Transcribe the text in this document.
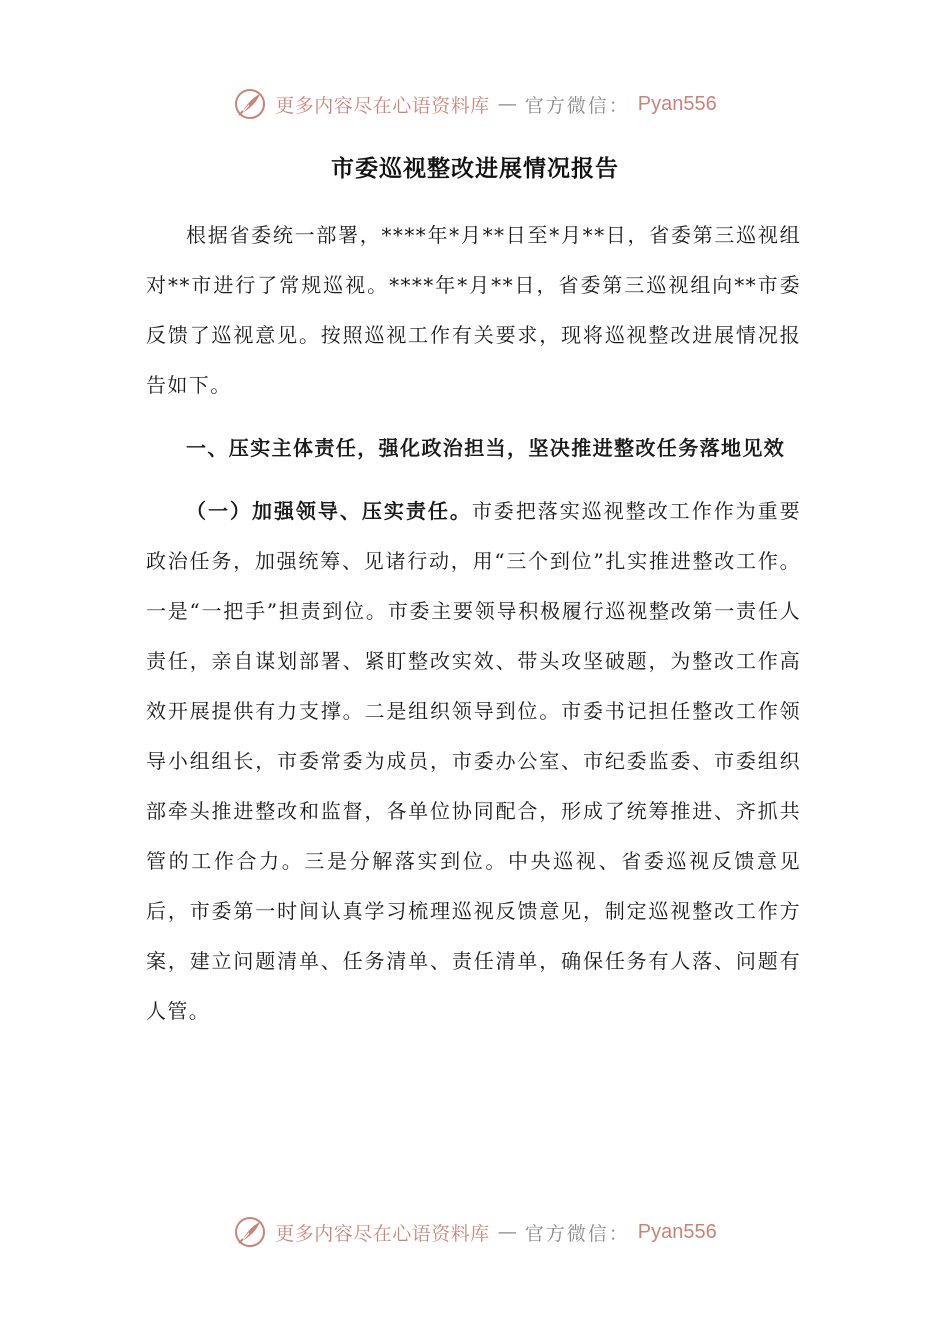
更多内容尽在心语资料库 — 官方微信： Pyan556
市委巡视整改进展情况报告

根据省委统一部署，****年*月**日至*月**日，省委第三巡视组对**市进行了常规巡视。****年*月**日，省委第三巡视组向**市委反馈了巡视意见。按照巡视工作有关要求，现将巡视整改进展情况报告如下。

一、压实主体责任，强化政治担当，坚决推进整改任务落地见效

（一）加强领导、压实责任。市委把落实巡视整改工作作为重要政治任务，加强统筹、见诸行动，用“三个到位”扎实推进整改工作。一是“一把手”担责到位。市委主要领导积极履行巡视整改第一责任人责任，亲自谋划部署、紧盯整改实效、带头攻坚破题，为整改工作高效开展提供有力支撑。二是组织领导到位。市委书记担任整改工作领导小组组长，市委常委为成员，市委办公室、市纪委监委、市委组织部牵头推进整改和监督，各单位协同配合，形成了统筹推进、齐抓共管的工作合力。三是分解落实到位。中央巡视、省委巡视反馈意见后，市委第一时间认真学习梳理巡视反馈意见，制定巡视整改工作方案，建立问题清单、任务清单、责任清单，确保任务有人落、问题有人管。

更多内容尽在心语资料库 — 官方微信： Pyan556
